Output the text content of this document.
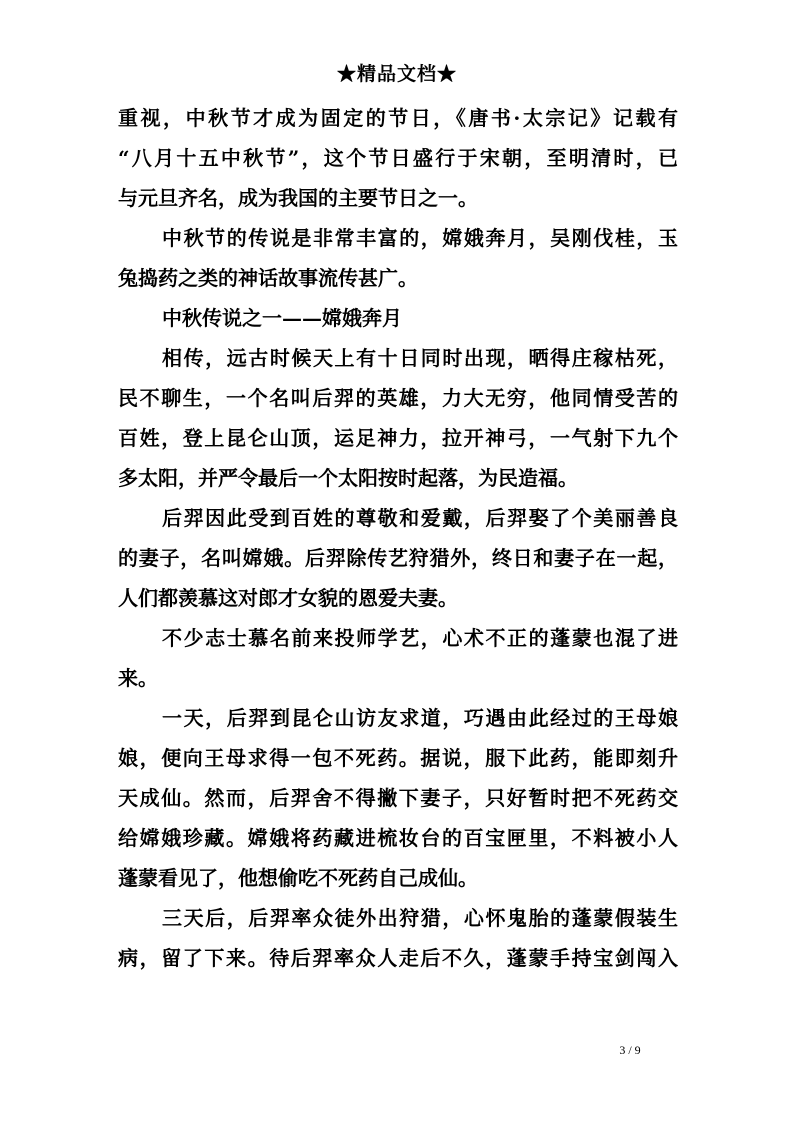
★精品文档★
重视，中秋节才成为固定的节日，《唐书·太宗记》记载有
“八月十五中秋节”，这个节日盛行于宋朝，至明清时，已
与元旦齐名，成为我国的主要节日之一。
中秋节的传说是非常丰富的，嫦娥奔月，吴刚伐桂，玉
兔捣药之类的神话故事流传甚广。
中秋传说之一——嫦娥奔月
相传，远古时候天上有十日同时出现，晒得庄稼枯死，
民不聊生，一个名叫后羿的英雄，力大无穷，他同情受苦的
百姓，登上昆仑山顶，运足神力，拉开神弓，一气射下九个
多太阳，并严令最后一个太阳按时起落，为民造福。
后羿因此受到百姓的尊敬和爱戴，后羿娶了个美丽善良
的妻子，名叫嫦娥。后羿除传艺狩猎外，终日和妻子在一起，
人们都羡慕这对郎才女貌的恩爱夫妻。
不少志士慕名前来投师学艺，心术不正的蓬蒙也混了进
来。
一天，后羿到昆仑山访友求道，巧遇由此经过的王母娘
娘，便向王母求得一包不死药。据说，服下此药，能即刻升
天成仙。然而，后羿舍不得撇下妻子，只好暂时把不死药交
给嫦娥珍藏。嫦娥将药藏进梳妆台的百宝匣里，不料被小人
蓬蒙看见了，他想偷吃不死药自己成仙。
三天后，后羿率众徒外出狩猎，心怀鬼胎的蓬蒙假装生
病，留了下来。待后羿率众人走后不久，蓬蒙手持宝剑闯入
3 / 9
